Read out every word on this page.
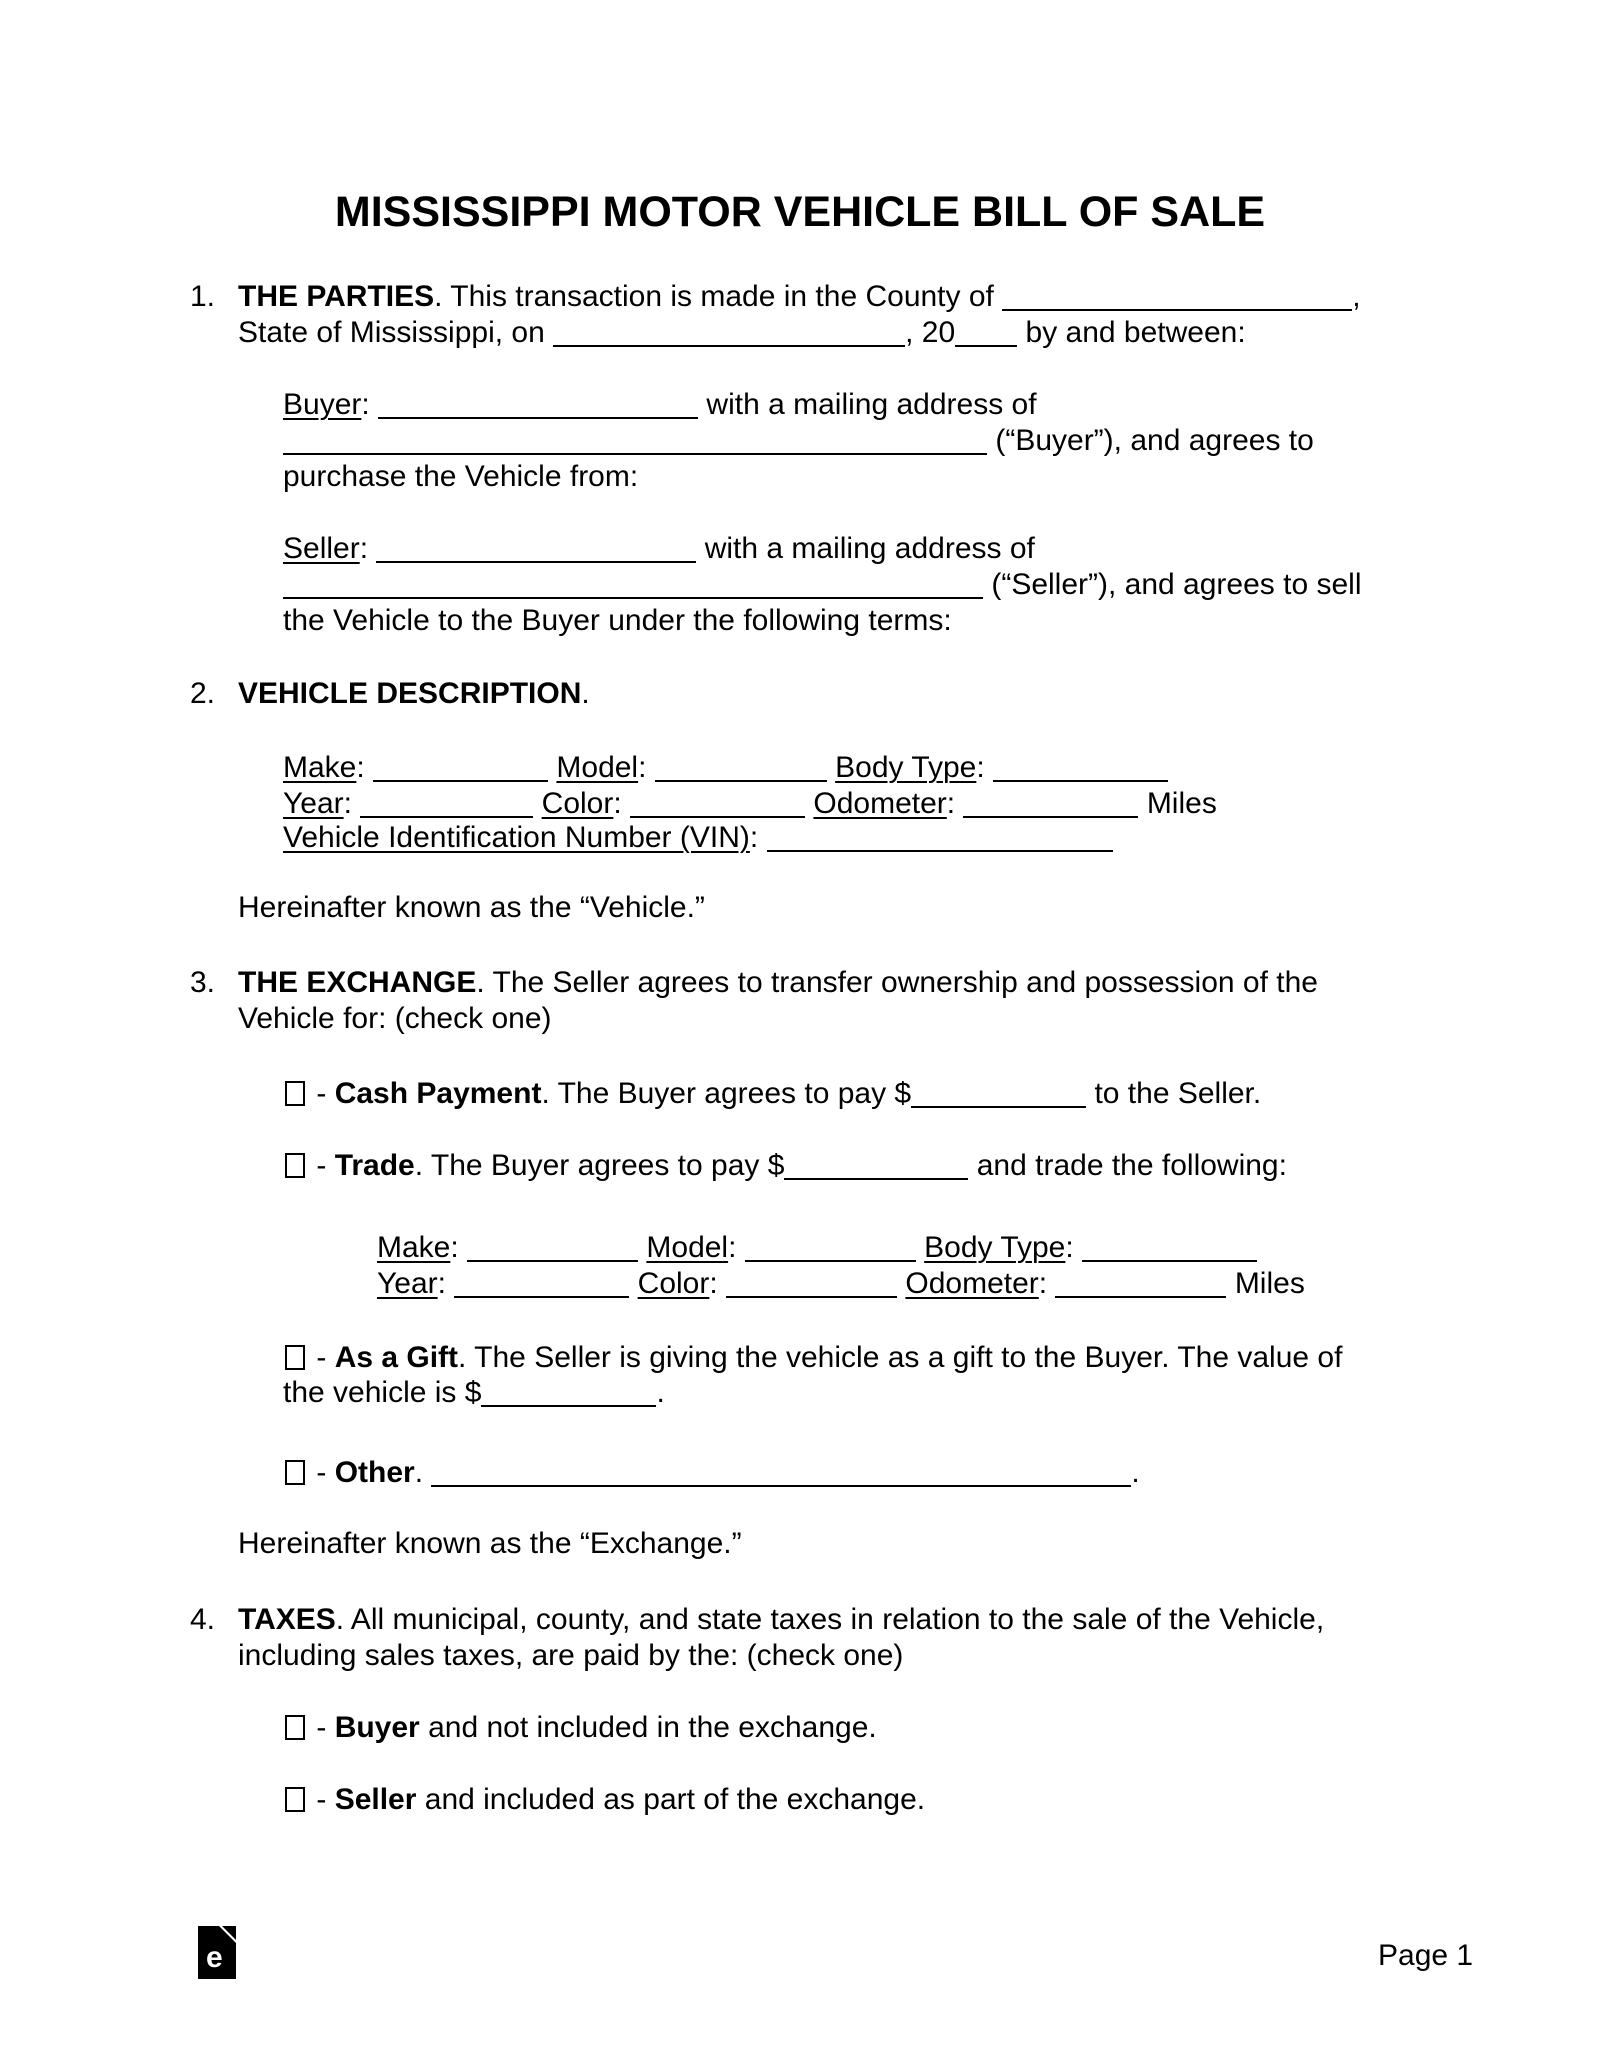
MISSISSIPPI MOTOR VEHICLE BILL OF SALE
1. THE PARTIES. This transaction is made in the County of	,
State of Mississippi, on	, 20 by and between:
Buyer:	with a mailing address of
(“Buyer”), and agrees to
purchase the Vehicle from:
Seller:	with a mailing address of
(“Seller”), and agrees to sell
the Vehicle to the Buyer under the following terms:
2. VEHICLE DESCRIPTION.
Make:	Model:	Body Type:
Year:	Color:	Odometer:	Miles
Vehicle Identification Number (VIN):
Hereinafter known as the “Vehicle.”
3. THE EXCHANGE. The Seller agrees to transfer ownership and possession of the
Vehicle for: (check one)
- Cash Payment. The Buyer agrees to pay $	to the Seller.
- Trade. The Buyer agrees to pay $	and trade the following:
Make:	Model:	Body Type:
Year:	Color:	Odometer:	Miles
- As a Gift. The Seller is giving the vehicle as a gift to the Buyer. The value of
the vehicle is $	.
- Other.	.
Hereinafter known as the “Exchange.”
4. TAXES. All municipal, county, and state taxes in relation to the sale of the Vehicle,
including sales taxes, are paid by the: (check one)
- Buyer and not included in the exchange.
- Seller and included as part of the exchange.
e	Page 1
